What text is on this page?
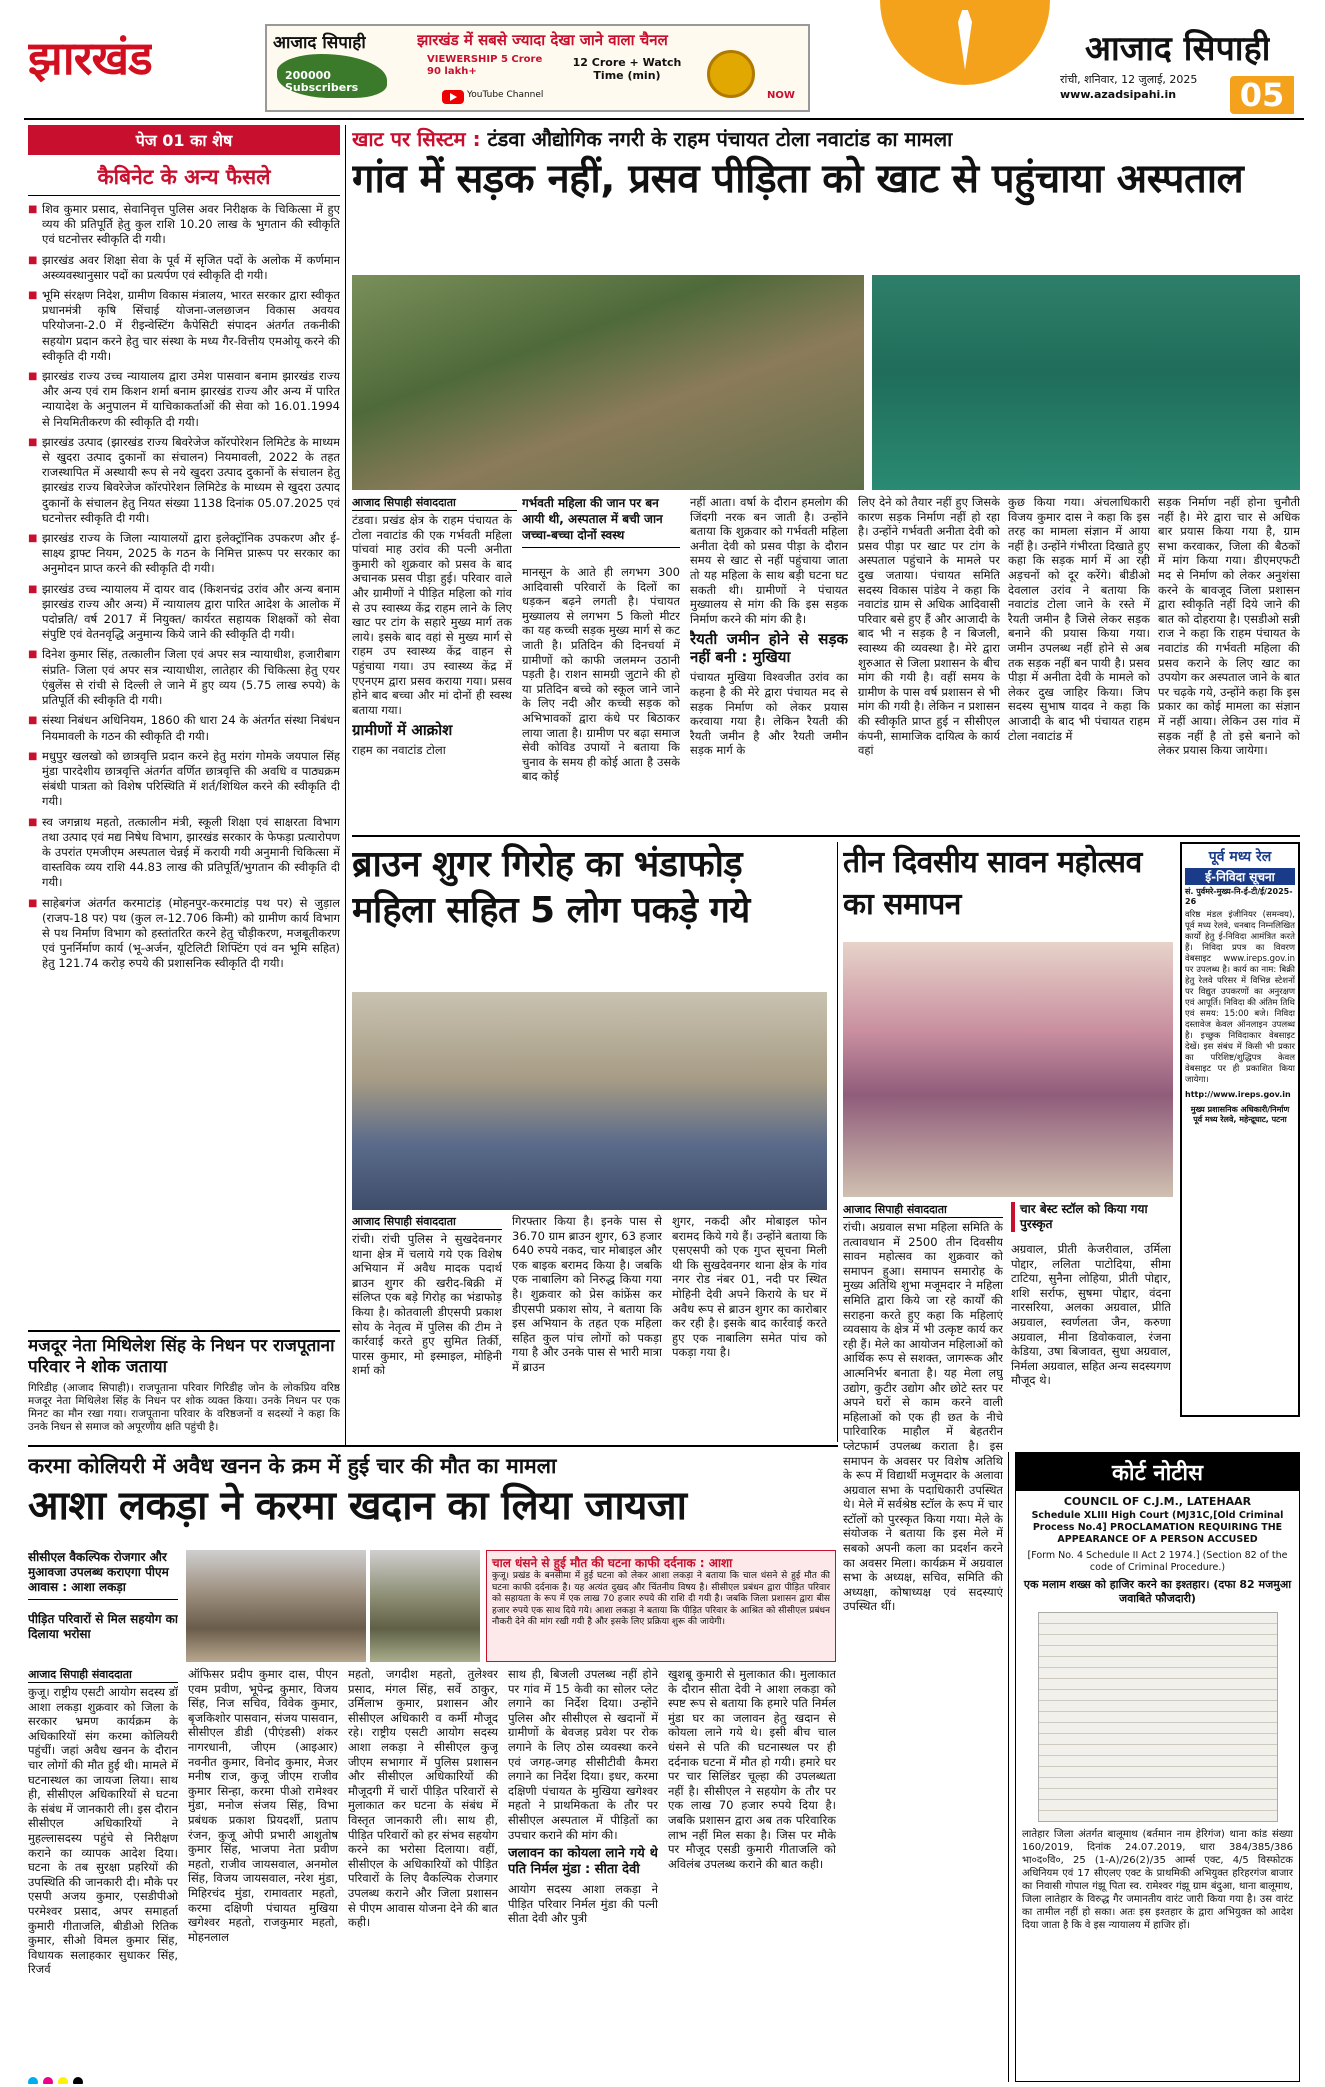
झारखंड	आजाद सिपाही	झारखंड में सबसे ज्यादा देखा जाने वाला चैनल
200000 Subscribers
VIEWERSHIP 5 Crore 90 lakh+
12 Crore + Watch Time (min)
YouTube Channel	NOW
आजाद सिपाही
रांची, शनिवार, 12 जुलाई, 2025
www.azadsipahi.in	05
पेज 01 का शेष
कैबिनेट के अन्य फैसले
■ शिव कुमार प्रसाद, सेवानिवृत्त पुलिस अवर निरीक्षक के चिकित्सा में हुए व्यय की प्रतिपूर्ति हेतु कुल राशि 10.20 लाख के भुगतान की स्वीकृति एवं घटनोत्तर स्वीकृति दी गयी।
■ झारखंड अवर शिक्षा सेवा के पूर्व में सृजित पदों के अलोक में कर्णमान अस्व्यवस्थानुसार पदों का प्रत्यर्पण एवं स्वीकृति दी गयी।
■ भूमि संरक्षण निदेश, ग्रामीण विकास मंत्रालय, भारत सरकार द्वारा स्वीकृत प्रधानमंत्री कृषि सिंचाई योजना-जलछाजन विकास अवयव परियोजना-2.0 में रीइन्वेस्टिंग कैपेसिटी संपादन अंतर्गत तकनीकी सहयोग प्रदान करने हेतु चार संस्था के मध्य गैर-वित्तीय एमओयू करने की स्वीकृति दी गयी।
■ झारखंड राज्य उच्च न्यायालय द्वारा उमेश पासवान बनाम झारखंड राज्य और अन्य एवं राम किशन शर्मा बनाम झारखंड राज्य और अन्य में पारित न्यायादेश के अनुपालन में याचिकाकर्ताओं की सेवा को 16.01.1994 से नियमितीकरण की स्वीकृति दी गयी।
■ झारखंड उत्पाद (झारखंड राज्य बिवरेजेज कॉरपोरेशन लिमिटेड के माध्यम से खुदरा उत्पाद दुकानों का संचालन) नियमावली, 2022 के तहत राजस्थापित में अस्थायी रूप से नये खुदरा उत्पाद दुकानों के संचालन हेतु झारखंड राज्य बिवरेजेज कॉरपोरेशन लिमिटेड के माध्यम से खुदरा उत्पाद दुकानों के संचालन हेतु नियत संख्या 1138 दिनांक 05.07.2025 एवं घटनोत्तर स्वीकृति दी गयी।
■ झारखंड राज्य के जिला न्यायालयों द्वारा इलेक्ट्रॉनिक उपकरण और ई-साक्ष्य ड्राफ्ट नियम, 2025 के गठन के निमित्त प्रारूप पर सरकार का अनुमोदन प्राप्त करने की स्वीकृति दी गयी।
■ झारखंड उच्च न्यायालय में दायर वाद (किशनचंद्र उरांव और अन्य बनाम झारखंड राज्य और अन्य) में न्यायालय द्वारा पारित आदेश के आलोक में पदोन्नति/ वर्ष 2017 में नियुक्त/ कार्यरत सहायक शिक्षकों को सेवा संपुष्टि एवं वेतनवृद्धि अनुमान्य किये जाने की स्वीकृति दी गयी।
■ दिनेश कुमार सिंह, तत्कालीन जिला एवं अपर सत्र न्यायाधीश, हजारीबाग संप्रति- जिला एवं अपर सत्र न्यायाधीश, लातेहार की चिकित्सा हेतु एयर एंबुलेंस से रांची से दिल्ली ले जाने में हुए व्यय (5.75 लाख रुपये) के प्रतिपूर्ति की स्वीकृति दी गयी।
■ संस्था निबंधन अधिनियम, 1860 की धारा 24 के अंतर्गत संस्था निबंधन नियमावली के गठन की स्वीकृति दी गयी।
■ मधुपुर खलखो को छात्रवृत्ति प्रदान करने हेतु मरांग गोमके जयपाल सिंह मुंडा पारदेशीय छात्रवृत्ति अंतर्गत वर्णित छात्रवृत्ति की अवधि व पाठ्यक्रम संबंधी पात्रता को विशेष परिस्थिति में शर्त/शिथिल करने की स्वीकृति दी गयी।
■ स्व जगन्नाथ महतो, तत्कालीन मंत्री, स्कूली शिक्षा एवं साक्षरता विभाग तथा उत्पाद एवं मद्य निषेध विभाग, झारखंड सरकार के फेफड़ा प्रत्यारोपण के उपरांत एमजीएम अस्पताल चेन्नई में करायी गयी अनुमानी चिकित्सा में वास्तविक व्यय राशि 44.83 लाख की प्रतिपूर्ति/भुगतान की स्वीकृति दी गयी।
■ साहेबगंज अंतर्गत करमाटांड़ (मोहनपुर-करमाटांड़ पथ पर) से जुड़ाल (राजप-18 पर) पथ (कुल ल-12.706 किमी) को ग्रामीण कार्य विभाग से पथ निर्माण विभाग को हस्तांतरित करने हेतु चौड़ीकरण, मजबूतीकरण एवं पुनर्निर्माण कार्य (भू-अर्जन, यूटिलिटी शिफ्टिंग एवं वन भूमि सहित) हेतु 121.74 करोड़ रुपये की प्रशासनिक स्वीकृति दी गयी।
मजदूर नेता मिथिलेश सिंह के निधन पर राजपूताना परिवार ने शोक जताया
गिरिडीह (आजाद सिपाही)। राजपूताना परिवार गिरिडीह जोन के लोकप्रिय वरिष्ठ मजदूर नेता मिथिलेश सिंह के निधन पर शोक व्यक्त किया। उनके निधन पर एक मिनट का मौन रखा गया। राजपूताना परिवार के वरिष्ठजनों व सदस्यों ने कहा कि उनके निधन से समाज को अपूरणीय क्षति पहुंची है।
खाट पर सिस्टम : टंडवा औद्योगिक नगरी के राहम पंचायत टोला नवाटांड का मामला
गांव में सड़क नहीं, प्रसव पीड़िता को खाट से पहुंचाया अस्पताल
आजाद सिपाही संवाददाता
टंडवा। प्रखंड क्षेत्र के राहम पंचायत के टोला नवाटांड की एक गर्भवती महिला पांचवां माह उरांव की पत्नी अनीता कुमारी को शुक्रवार को प्रसव के बाद अचानक प्रसव पीड़ा हुई। परिवार वाले और ग्रामीणों ने पीड़ित महिला को गांव से उप स्वास्थ्य केंद्र राहम लाने के लिए खाट पर टांग के सहारे मुख्य मार्ग तक लाये। इसके बाद वहां से मुख्य मार्ग से राहम उप स्वास्थ्य केंद्र वाहन से पहुंचाया गया। उप स्वास्थ्य केंद्र में एएनएम द्वारा प्रसव कराया गया। प्रसव होने बाद बच्चा और मां दोनों ही स्वस्थ बताया गया।
ग्रामीणों में आक्रोश
राहम का नवाटांड टोला
गर्भवती महिला की जान पर बन आयी थी, अस्पताल में बची जान जच्चा-बच्चा दोनों स्वस्थ
मानसून के आते ही लगभग 300 आदिवासी परिवारों के दिलों का धड़कन बढ़ने लगती है। पंचायत मुख्यालय से लगभग 5 किलो मीटर का यह कच्ची सड़क मुख्य मार्ग से कट जाती है। प्रतिदिन की दिनचर्या में ग्रामीणों को काफी जलमग्न उठानी पड़ती है। राशन सामग्री जुटाने की हो या प्रतिदिन बच्चे को स्कूल जाने जाने के लिए नदी और कच्ची सड़क को अभिभावकों द्वारा कंधे पर बिठाकर लाया जाता है। ग्रामीण पर बढ़ा समाज सेवी कोविड उपायों ने बताया कि चुनाव के समय ही कोई आता है उसके बाद कोई
नहीं आता। वर्षा के दौरान हमलोग की जिंदगी नरक बन जाती है। उन्होंने बताया कि शुक्रवार को गर्भवती महिला अनीता देवी को प्रसव पीड़ा के दौरान समय से खाट से नहीं पहुंचाया जाता तो यह महिला के साथ बड़ी घटना घट सकती थी। ग्रामीणों ने पंचायत मुख्यालय से मांग की कि इस सड़क निर्माण करने की मांग की है।
रैयती जमीन होने से सड़क नहीं बनी : मुखिया
पंचायत मुखिया विश्वजीत उरांव का कहना है की मेरे द्वारा पंचायत मद से सड़क निर्माण को लेकर प्रयास करवाया गया है। लेकिन रैयती की रैयती जमीन है और रैयती जमीन सड़क मार्ग के
लिए देने को तैयार नहीं हुए जिसके कारण सड़क निर्माण नहीं हो रहा है। उन्होंने गर्भवती अनीता देवी को प्रसव पीड़ा पर खाट पर टांग के अस्पताल पहुंचाने के मामले पर दुख जताया। पंचायत समिति सदस्य विकास पांडेय ने कहा कि नवाटांड ग्राम से अधिक आदिवासी परिवार बसे हुए हैं और आजादी के बाद भी न सड़क है न बिजली, स्वास्थ्य की व्यवस्था है। मेरे द्वारा शुरुआत से जिला प्रशासन के बीच मांग की गयी है। वहीं समय के ग्रामीण के पास वर्ष प्रशासन से भी मांग की गयी है। लेकिन न प्रशासन की स्वीकृति प्राप्त हुई न सीसीएल कंपनी, सामाजिक दायित्व के कार्य वहां
कुछ किया गया। अंचलाधिकारी विजय कुमार दास ने कहा कि इस तरह का मामला संज्ञान में आया नहीं है। उन्होंने गंभीरता दिखाते हुए कहा कि सड़क मार्ग में आ रही अड़चनों को दूर करेंगे। बीडीओ देवलाल उरांव ने बताया कि नवाटांड टोला जाने के रस्ते में रैयती जमीन है जिसे लेकर सड़क बनाने की प्रयास किया गया। जमीन उपलब्ध नहीं होने से अब तक सड़क नहीं बन पायी है। प्रसव पीड़ा में अनीता देवी के मामले को लेकर दुख जाहिर किया। जिप सदस्य सुभाष यादव ने कहा कि आजादी के बाद भी पंचायत राहम टोला नवाटांड में
सड़क निर्माण नहीं होना चुनौती नहीं है। मेरे द्वारा चार से अधिक बार प्रयास किया गया है, ग्राम सभा करवाकर, जिला की बैठकों में मांग किया गया। डीएमएफटी मद से निर्माण को लेकर अनुशंसा करने के बावजूद जिला प्रशासन द्वारा स्वीकृति नहीं दिये जाने की बात को दोहराया है। एसडीओ सन्नी राज ने कहा कि राहम पंचायत के नवाटांड की गर्भवती महिला की प्रसव कराने के लिए खाट का उपयोग कर अस्पताल जाने के बात पर चढ़के गये, उन्होंने कहा कि इस प्रकार का कोई मामला का संज्ञान में नहीं आया। लेकिन उस गांव में सड़क नहीं है तो इसे बनाने को लेकर प्रयास किया जायेगा।
ब्राउन शुगर गिरोह का भंडाफोड़
महिला सहित 5 लोग पकड़े गये
आजाद सिपाही संवाददाता
रांची। रांची पुलिस ने सुखदेवनगर थाना क्षेत्र में चलाये गये एक विशेष अभियान में अवैध मादक पदार्थ ब्राउन शुगर की खरीद-बिक्री में संलिप्त एक बड़े गिरोह का भंडाफोड़ किया है। कोतवाली डीएसपी प्रकाश सोय के नेतृत्व में पुलिस की टीम ने कार्रवाई करते हुए सुमित तिर्की, पारस कुमार, मो इस्माइल, मोहिनी शर्मा को
गिरफ्तार किया है। इनके पास से 36.70 ग्राम ब्राउन शुगर, 63 हजार 640 रुपये नकद, चार मोबाइल और एक बाइक बरामद किया है। जबकि एक नाबालिग को निरुद्ध किया गया है। शुक्रवार को प्रेस कांफ्रेंस कर डीएसपी प्रकाश सोय, ने बताया कि इस अभियान के तहत एक महिला सहित कुल पांच लोगों को पकड़ा गया है और उनके पास से भारी मात्रा में ब्राउन
शुगर, नकदी और मोबाइल फोन बरामद किये गये हैं। उन्होंने बताया कि एसएसपी को एक गुप्त सूचना मिली थी कि सुखदेवनगर थाना क्षेत्र के गांव नगर रोड नंबर 01, नदी पर स्थित मोहिनी देवी अपने किराये के घर में अवैध रूप से ब्राउन शुगर का कारोबार कर रही है। इसके बाद कार्रवाई करते हुए एक नाबालिग समेत पांच को पकड़ा गया है।
तीन दिवसीय सावन महोत्सव का समापन
आजाद सिपाही संवाददाता	चार बेस्ट स्टॉल को किया गया पुरस्कृत
रांची। अग्रवाल सभा महिला समिति के तत्वावधान में 2500 तीन दिवसीय सावन महोत्सव का शुक्रवार को समापन हुआ। समापन समारोह के मुख्य अतिथि शुभा मजूमदार ने महिला समिति द्वारा किये जा रहे कार्यों की सराहना करते हुए कहा कि महिलाएं व्यवसाय के क्षेत्र में भी उत्कृष्ट कार्य कर रही हैं। मेले का आयोजन महिलाओं को आर्थिक रूप से सशक्त, जागरूक और आत्मनिर्भर बनाता है। यह मेला लघु उद्योग, कुटीर उद्योग और छोटे स्तर पर अपने घरों से काम करने वाली महिलाओं को एक ही छत के नीचे पारिवारिक माहौल में बेहतरीन प्लेटफार्म उपलब्ध कराता है। इस समापन के अवसर पर विशेष अतिथि के रूप में विद्यार्थी मजूमदार के अलावा अग्रवाल सभा के पदाधिकारी उपस्थित थे। मेले में सर्वश्रेष्ठ स्टॉल के रूप में चार स्टॉलों को पुरस्कृत किया गया। मेले के संयोजक ने बताया कि इस मेले में सबको अपनी कला का प्रदर्शन करने का अवसर मिला। कार्यक्रम में अग्रवाल सभा के अध्यक्ष, सचिव, समिति की अध्यक्षा, कोषाध्यक्ष एवं सदस्याएं उपस्थित थीं।
अग्रवाल, प्रीती केजरीवाल, उर्मिला पोद्दार, ललिता पाटोदिया, सीमा टाटिया, सुनैना लोहिया, प्रीती पोद्दार, शशि सर्राफ, सुषमा पोद्दार, वंदना नारसरिया, अलका अग्रवाल, प्रीति अग्रवाल, स्वर्णलता जैन, करुणा अग्रवाल, मीना डिवोकवाल, रंजना केडिया, उषा बिजावत, सुधा अग्रवाल, निर्मला अग्रवाल, सहित अन्य सदस्यगण मौजूद थे।
पूर्व मध्य रेल
ई-निविदा सूचना
सं. पुर्वमरे-मुख्य-नि-ई-टी/ई/2025-26
वरिष्ठ मंडल इंजीनियर (समन्वय), पूर्व मध्य रेलवे, धनबाद निम्नलिखित कार्यों हेतु ई-निविदा आमंत्रित करते हैं। निविदा प्रपत्र का विवरण वेबसाइट www.ireps.gov.in पर उपलब्ध है। कार्य का नाम: बिक्री हेतु रेलवे परिसर में विभिन्न स्टेशनों पर विद्युत उपकरणों का अनुरक्षण एवं आपूर्ति। निविदा की अंतिम तिथि एवं समय: 15:00 बजे। निविदा दस्तावेज केवल ऑनलाइन उपलब्ध है। इच्छुक निविदाकार वेबसाइट देखें। इस संबंध में किसी भी प्रकार का परिशिष्ट/शुद्धिपत्र केवल वेबसाइट पर ही प्रकाशित किया जायेगा।
http://www.ireps.gov.in
मुख्य प्रशासनिक अधिकारी/निर्माण पूर्व मध्य रेलवे, महेन्द्रूघाट, पटना
कोर्ट नोटीस
COUNCIL OF C.J.M., LATEHAAR
Schedule XLIII High Court (MJ31C,[Old Criminal Process No.4] PROCLAMATION REQUIRING THE APPEARANCE OF A PERSON ACCUSED
[Form No. 4 Schedule II Act 2 1974.] (Section 82 of the code of Criminal Procedure.)
एक मलाम शख्स को हाजिर करने का इश्तहार। (दफा 82 मजमुआ जवाबिते फौजदारी)
लातेहार जिला अंतर्गत बालूमाथ (बर्तमान नाम हेरिगंज) थाना कांड संख्या 160/2019, दिनांक 24.07.2019, धारा 384/385/386 भा०द०वि०, 25 (1-A)/26(2)/35 आर्म्स एक्ट, 4/5 विस्फोटक अधिनियम एवं 17 सीएलए एक्ट के प्राथमिकी अभियुक्त हरिहरगंज बाजार का निवासी गोपाल गंझू पिता स्व. रामेश्वर गंझू ग्राम बंदुआ, थाना बालूमाथ, जिला लातेहार के विरुद्ध गैर जमानतीय वारंट जारी किया गया है। उस वारंट का तामील नहीं हो सका। अतः इस इश्तहार के द्वारा अभियुक्त को आदेश दिया जाता है कि वे इस न्यायालय में हाजिर हों।
करमा कोलियरी में अवैध खनन के क्रम में हुई चार की मौत का मामला
आशा लकड़ा ने करमा खदान का लिया जायजा
सीसीएल वैकल्पिक रोजगार और मुआवजा उपलब्ध कराएगा पीएम आवास : आशा लकड़ा
पीड़ित परिवारों से मिल सहयोग का दिलाया भरोसा
चाल धंसने से हुई मौत की घटना काफी दर्दनाक : आशा
कुजू। प्रखंड के बनसीमा में हुई घटना को लेकर आशा लकड़ा ने बताया कि चाल धंसने से हुई मौत की घटना काफी दर्दनाक है। यह अत्यंत दुखद और चिंतनीय विषय है। सीसीएल प्रबंधन द्वारा पीड़ित परिवार को सहायता के रूप में एक लाख 70 हजार रुपये की राशि दी गयी है। जबकि जिला प्रशासन द्वारा बीस हजार रुपये एक साथ दिये गये। आशा लकड़ा ने बताया कि पीड़ित परिवार के आश्रित को सीसीएल प्रबंधन नौकरी देने की मांग रखी गयी है और इसके लिए प्रक्रिया शुरू की जायेगी।
आजाद सिपाही संवाददाता
कुजू। राष्ट्रीय एसटी आयोग सदस्य डॉ आशा लकड़ा शुक्रवार को जिला के सरकार भ्रमण कार्यक्रम के अधिकारियों संग करमा कोलियरी पहुंचीं। जहां अवैध खनन के दौरान चार लोगों की मौत हुई थी। मामले में घटनास्थल का जायजा लिया। साथ ही, सीसीएल अधिकारियों से घटना के संबंध में जानकारी ली। इस दौरान सीसीएल अधिकारियों ने मुहल्लासदस्य पहुंचे से निरीक्षण कराने का व्यापक आदेश दिया। घटना के तब सुरक्षा प्रहरियों की उपस्थिति की जानकारी दी। मौके पर एसपी अजय कुमार, एसडीपीओ परमेश्वर प्रसाद, अपर समाहर्ता कुमारी गीताजलि, बीडीओ रितिक कुमार, सीओ विमल कुमार सिंह, विधायक सलाहकार सुधाकर सिंह, रिजर्व
ऑफिसर प्रदीप कुमार दास, पीएन एवम प्रवीण, भूपेन्द्र कुमार, विजय सिंह, निज सचिव, विवेक कुमार, बृजकिशोर पासवान, संजय पासवान, सीसीएल डीडी (पीएंडसी) शंकर नागरधानी, जीएम (आइआर) नवनीत कुमार, विनोद कुमार, मेजर मनीष राज, कुजू जीएम राजीव कुमार सिन्हा, करमा पीओ रामेश्वर मुंडा, मनोज संजय सिंह, विभा प्रबंधक प्रकाश प्रियदर्शी, प्रताप रंजन, कुजू ओपी प्रभारी आशुतोष कुमार सिंह, भाजपा नेता प्रवीण महतो, राजीव जायसवाल, अनमोल सिंह, विजय जायसवाल, नरेश मुंडा, मिहिरचंद मुंडा, रामावतार महतो, करमा दक्षिणी पंचायत मुखिया खगेश्वर महतो, राजकुमार महतो, मोहनलाल
महतो, जगदीश महतो, तुलेश्वर प्रसाद, मंगल सिंह, सर्वे ठाकुर, उर्मिलाभ कुमार, प्रशासन और सीसीएल अधिकारी व कर्मी मौजूद रहे। राष्ट्रीय एसटी आयोग सदस्य आशा लकड़ा ने सीसीएल कुजू जीएम सभागार में पुलिस प्रशासन और सीसीएल अधिकारियों की मौजूदगी में चारों पीड़ित परिवारों से मुलाकात कर घटना के संबंध में विस्तृत जानकारी ली। साथ ही, पीड़ित परिवारों को हर संभव सहयोग करने का भरोसा दिलाया। वहीं, सीसीएल के अधिकारियों को पीड़ित परिवारों के लिए वैकल्पिक रोजगार उपलब्ध कराने और जिला प्रशासन से पीएम आवास योजना देने की बात कही।
साथ ही, बिजली उपलब्ध नहीं होने पर गांव में 15 केवी का सोलर प्लेट लगाने का निर्देश दिया। उन्होंने पुलिस और सीसीएल से खदानों में ग्रामीणों के बेवजह प्रवेश पर रोक लगाने के लिए ठोस व्यवस्था करने एवं जगह-जगह सीसीटीवी कैमरा लगाने का निर्देश दिया। इधर, करमा दक्षिणी पंचायत के मुखिया खगेश्वर महतो ने प्राथमिकता के तौर पर सीसीएल अस्पताल में पीड़ितों का उपचार कराने की मांग की।
जलावन का कोयला लाने गये थे पति निर्मल मुंडा : सीता देवी
आयोग सदस्य आशा लकड़ा ने पीड़ित परिवार निर्मल मुंडा की पत्नी सीता देवी और पुत्री
खुशबू कुमारी से मुलाकात की। मुलाकात के दौरान सीता देवी ने आशा लकड़ा को स्पष्ट रूप से बताया कि हमारे पति निर्मल मुंडा घर का जलावन हेतु खदान से कोयला लाने गये थे। इसी बीच चाल धंसने से पति की घटनास्थल पर ही दर्दनाक घटना में मौत हो गयी। हमारे घर पर चार सिलिंडर चूल्हा की उपलब्धता नहीं है। सीसीएल ने सहयोग के तौर पर एक लाख 70 हजार रुपये दिया है। जबकि प्रशासन द्वारा अब तक परिवारिक लाभ नहीं मिल सका है। जिस पर मौके पर मौजूद एसडी कुमारी गीताजलि को अविलंब उपलब्ध कराने की बात कही।
